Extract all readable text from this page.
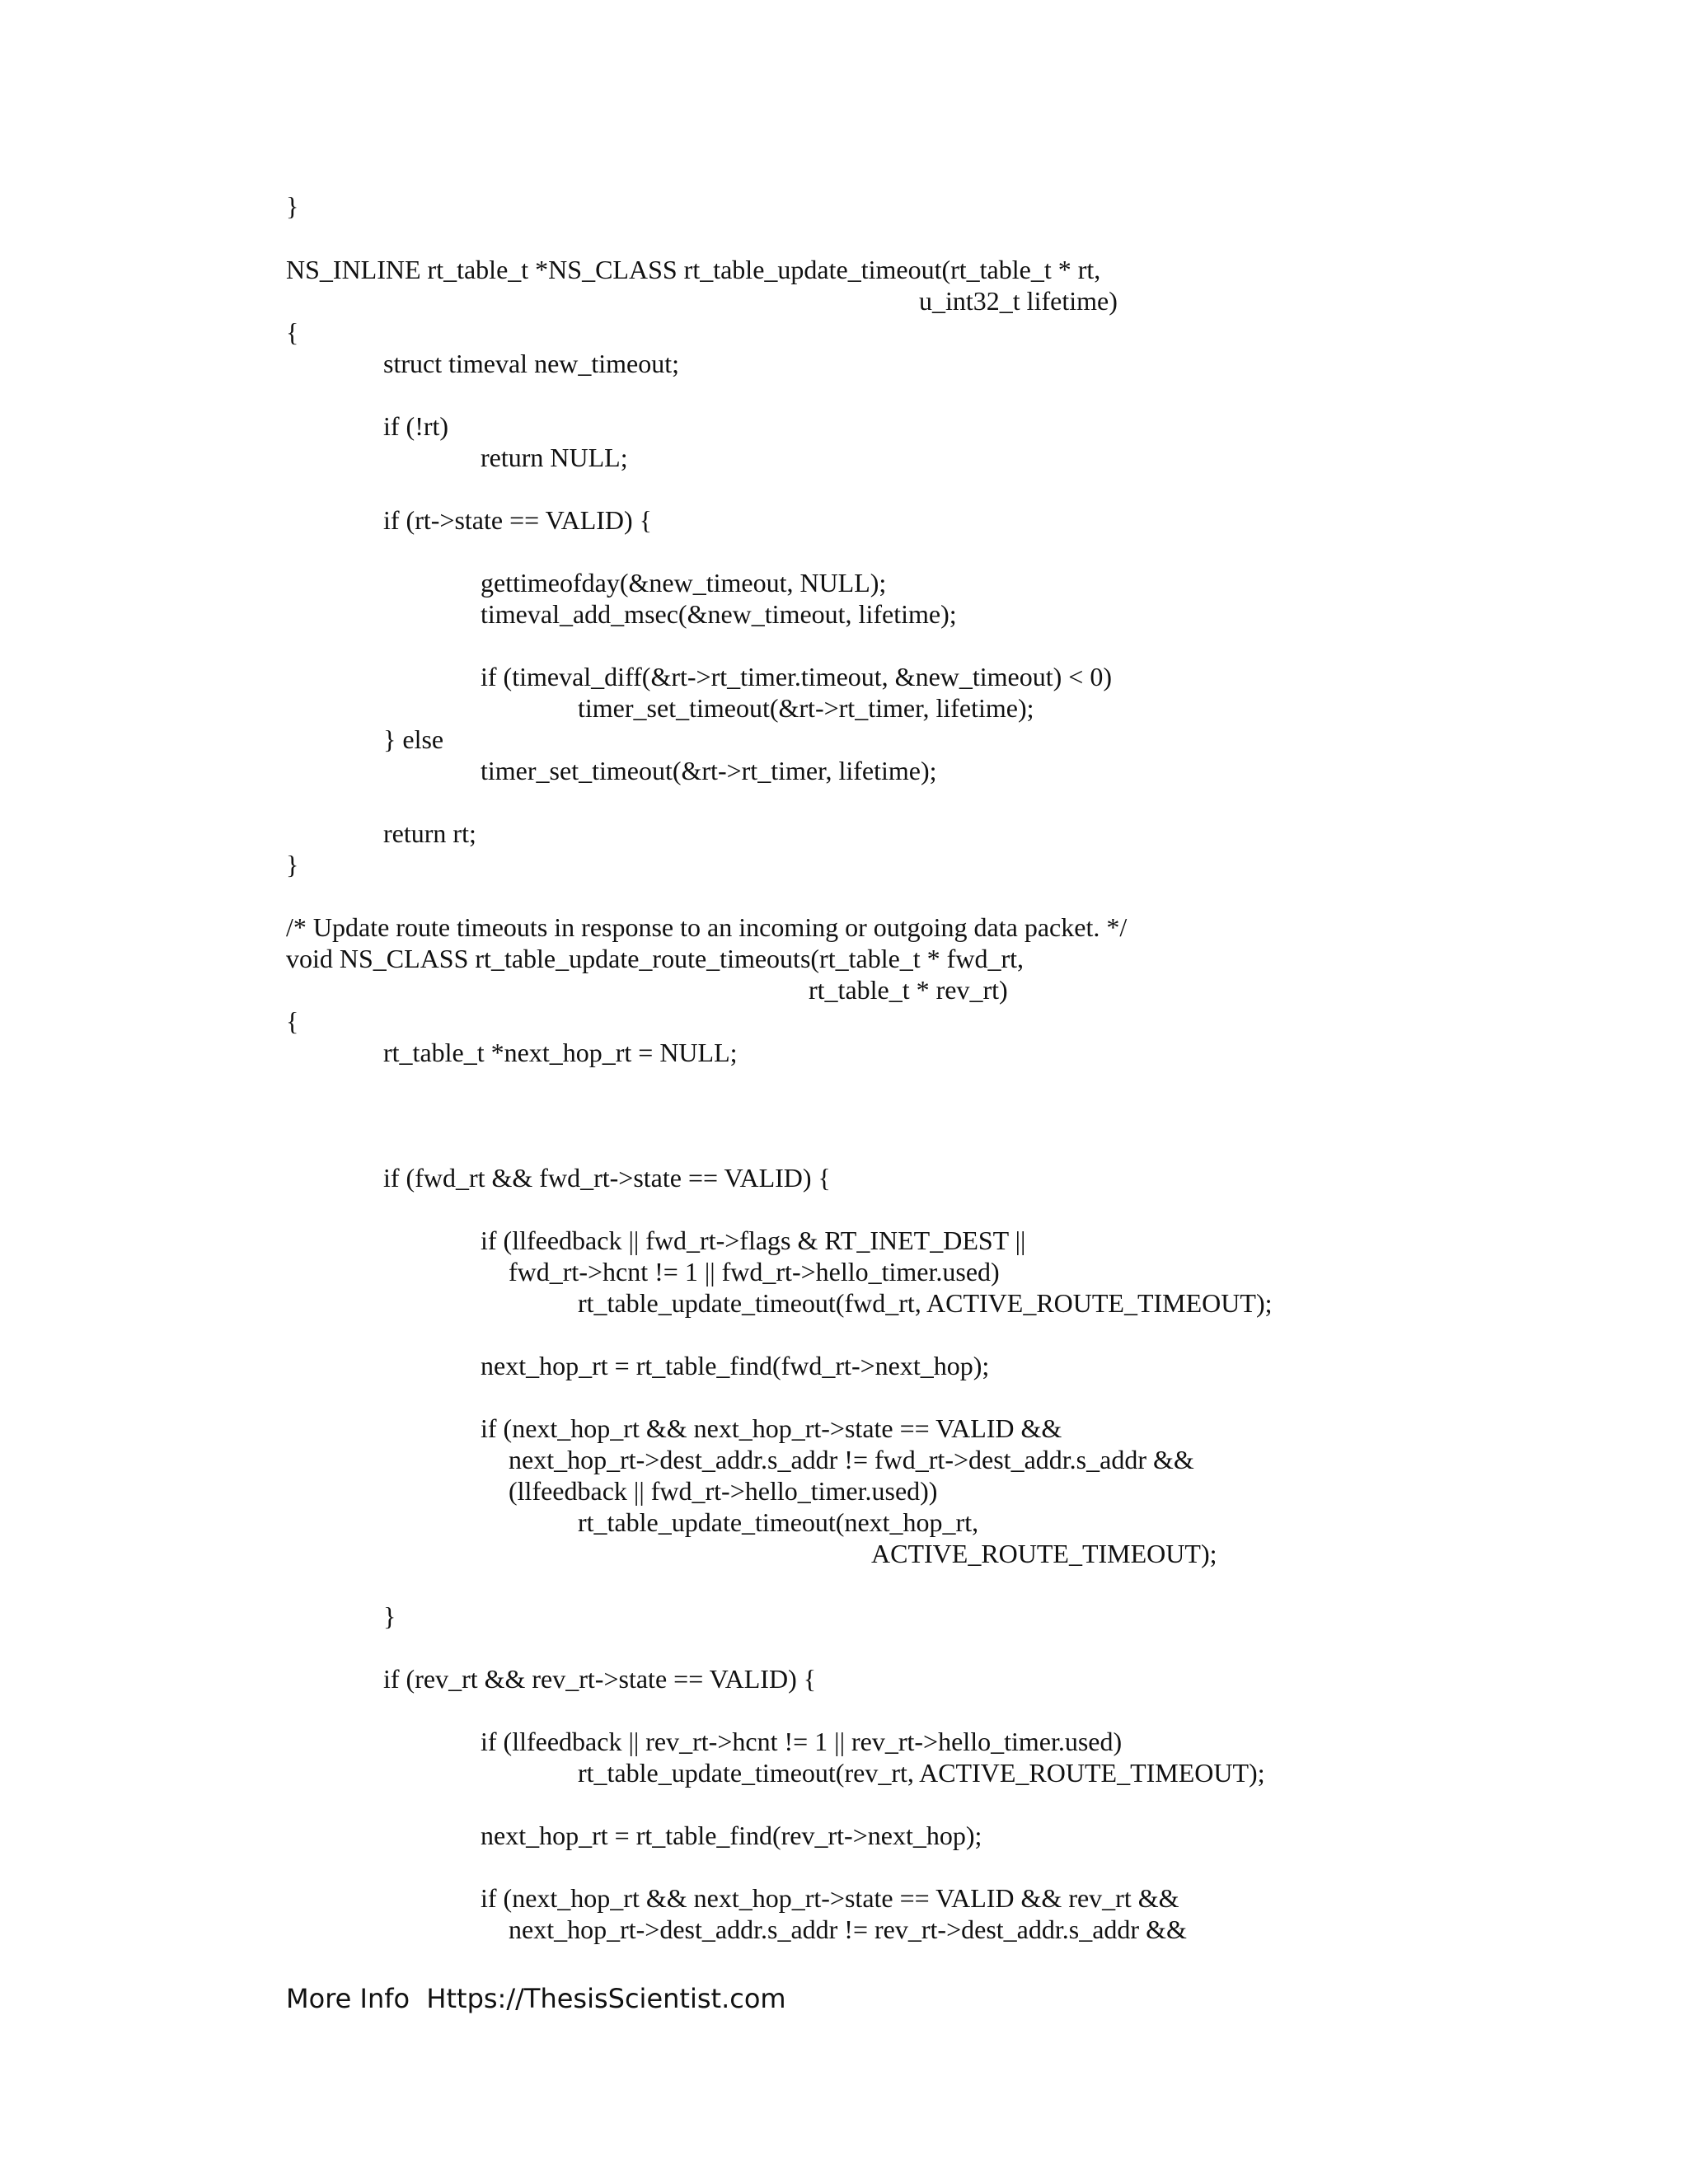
}

NS_INLINE rt_table_t *NS_CLASS rt_table_update_timeout(rt_table_t * rt,

u_int32_t lifetime)

{

struct timeval new_timeout;

if (!rt)

return NULL;

if (rt->state == VALID) {

gettimeofday(&new_timeout, NULL);

timeval_add_msec(&new_timeout, lifetime);

if (timeval_diff(&rt->rt_timer.timeout, &new_timeout) < 0)

timer_set_timeout(&rt->rt_timer, lifetime);

} else

timer_set_timeout(&rt->rt_timer, lifetime);

return rt;

}

/* Update route timeouts in response to an incoming or outgoing data packet. */

void NS_CLASS rt_table_update_route_timeouts(rt_table_t * fwd_rt,

rt_table_t * rev_rt)

{

rt_table_t *next_hop_rt = NULL;

if (fwd_rt && fwd_rt->state == VALID) {

if (llfeedback || fwd_rt->flags & RT_INET_DEST ||

fwd_rt->hcnt != 1 || fwd_rt->hello_timer.used)

rt_table_update_timeout(fwd_rt, ACTIVE_ROUTE_TIMEOUT);

next_hop_rt = rt_table_find(fwd_rt->next_hop);

if (next_hop_rt && next_hop_rt->state == VALID &&

next_hop_rt->dest_addr.s_addr != fwd_rt->dest_addr.s_addr &&

(llfeedback || fwd_rt->hello_timer.used))

rt_table_update_timeout(next_hop_rt,

ACTIVE_ROUTE_TIMEOUT);

}

if (rev_rt && rev_rt->state == VALID) {

if (llfeedback || rev_rt->hcnt != 1 || rev_rt->hello_timer.used)

rt_table_update_timeout(rev_rt, ACTIVE_ROUTE_TIMEOUT);

next_hop_rt = rt_table_find(rev_rt->next_hop);

if (next_hop_rt && next_hop_rt->state == VALID && rev_rt &&

next_hop_rt->dest_addr.s_addr != rev_rt->dest_addr.s_addr &&

More Info  Https://ThesisScientist.com
